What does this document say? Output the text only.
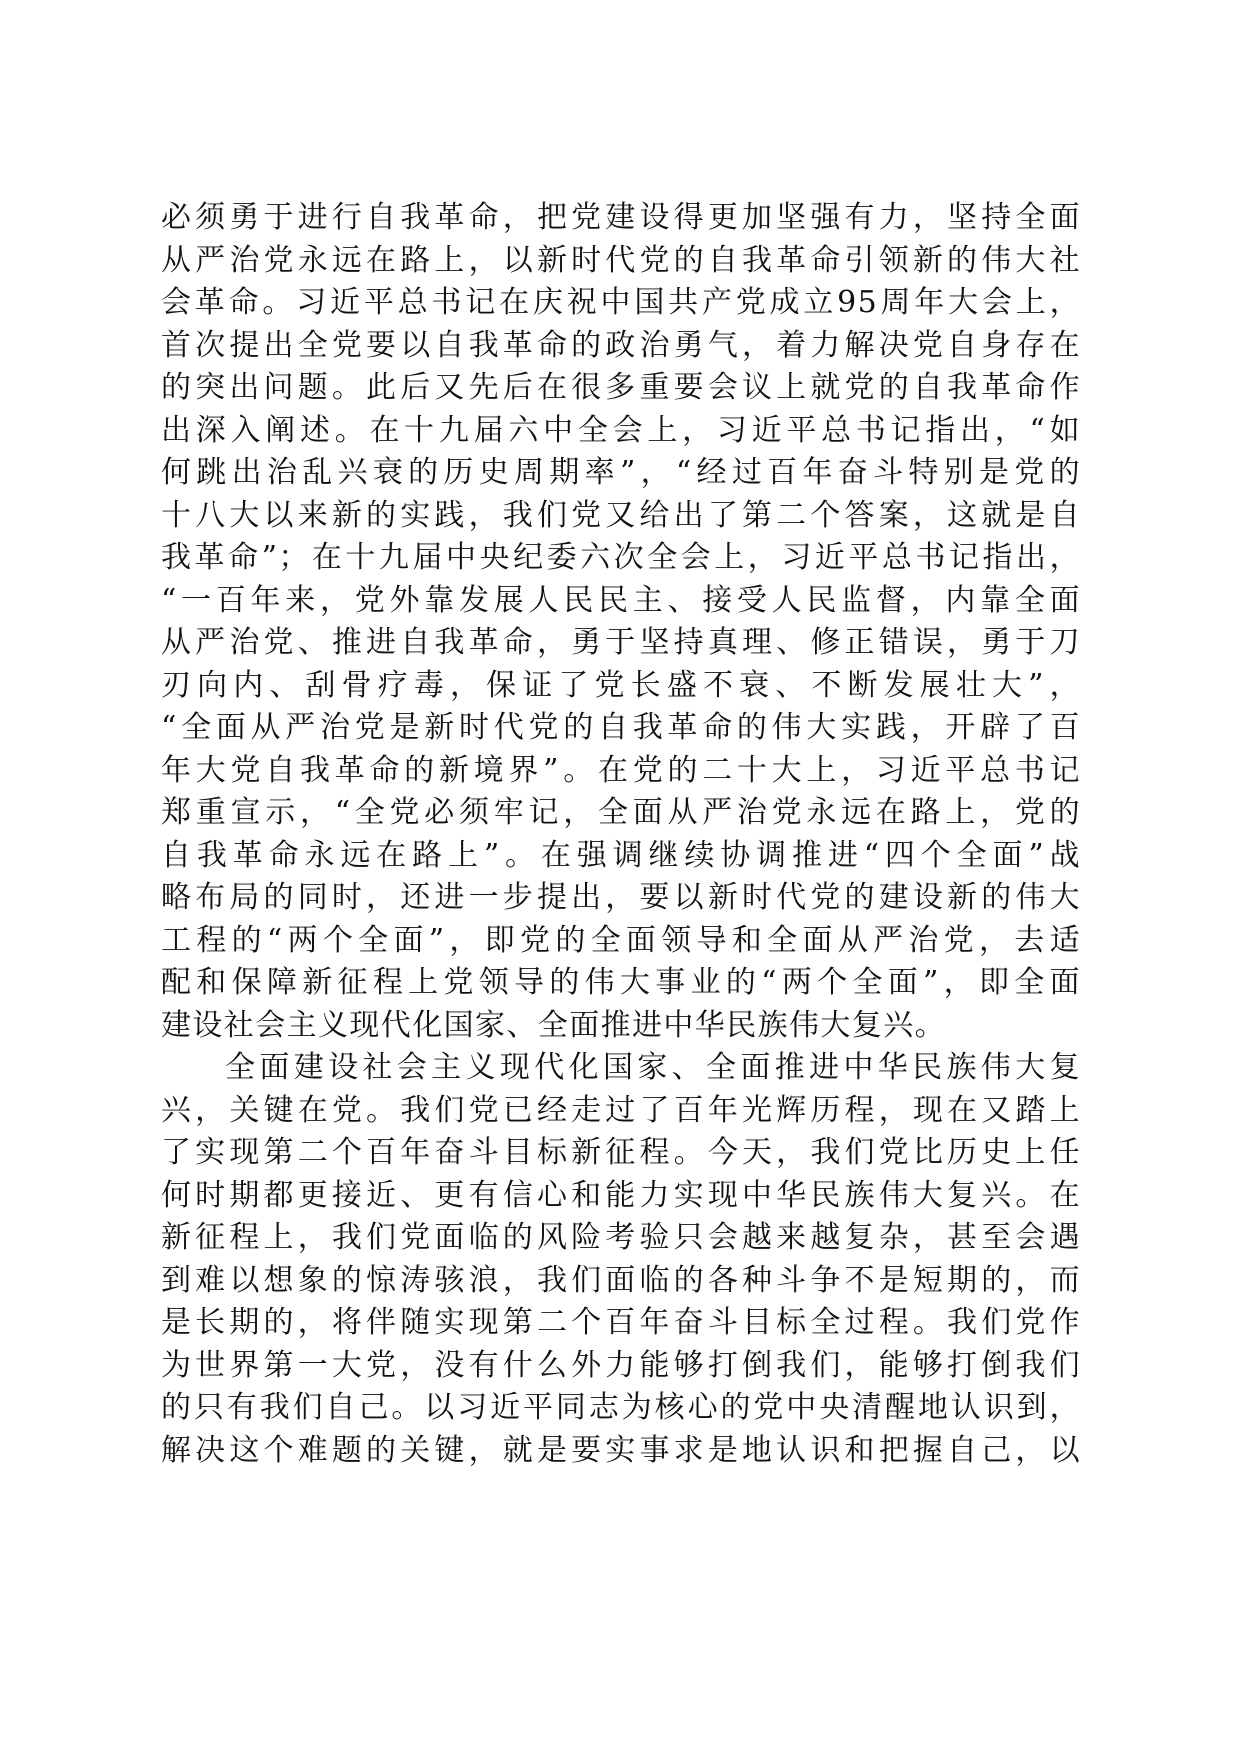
必须勇于进行自我革命，把党建设得更加坚强有力，坚持全面
从严治党永远在路上，以新时代党的自我革命引领新的伟大社
会革命。习近平总书记在庆祝中国共产党成立95周年大会上，
首次提出全党要以自我革命的政治勇气，着力解决党自身存在
的突出问题。此后又先后在很多重要会议上就党的自我革命作
出深入阐述。在十九届六中全会上，习近平总书记指出，“如
何跳出治乱兴衰的历史周期率”，“经过百年奋斗特别是党的
十八大以来新的实践，我们党又给出了第二个答案，这就是自
我革命”；在十九届中央纪委六次全会上，习近平总书记指出，
“一百年来，党外靠发展人民民主、接受人民监督，内靠全面
从严治党、推进自我革命，勇于坚持真理、修正错误，勇于刀
刃向内、刮骨疗毒，保证了党长盛不衰、不断发展壮大”，
“全面从严治党是新时代党的自我革命的伟大实践，开辟了百
年大党自我革命的新境界”。在党的二十大上，习近平总书记
郑重宣示，“全党必须牢记，全面从严治党永远在路上，党的
自我革命永远在路上”。在强调继续协调推进“四个全面”战
略布局的同时，还进一步提出，要以新时代党的建设新的伟大
工程的“两个全面”，即党的全面领导和全面从严治党，去适
配和保障新征程上党领导的伟大事业的“两个全面”，即全面
建设社会主义现代化国家、全面推进中华民族伟大复兴。
全面建设社会主义现代化国家、全面推进中华民族伟大复
兴，关键在党。我们党已经走过了百年光辉历程，现在又踏上
了实现第二个百年奋斗目标新征程。今天，我们党比历史上任
何时期都更接近、更有信心和能力实现中华民族伟大复兴。在
新征程上，我们党面临的风险考验只会越来越复杂，甚至会遇
到难以想象的惊涛骇浪，我们面临的各种斗争不是短期的，而
是长期的，将伴随实现第二个百年奋斗目标全过程。我们党作
为世界第一大党，没有什么外力能够打倒我们，能够打倒我们
的只有我们自己。以习近平同志为核心的党中央清醒地认识到，
解决这个难题的关键，就是要实事求是地认识和把握自己，以
